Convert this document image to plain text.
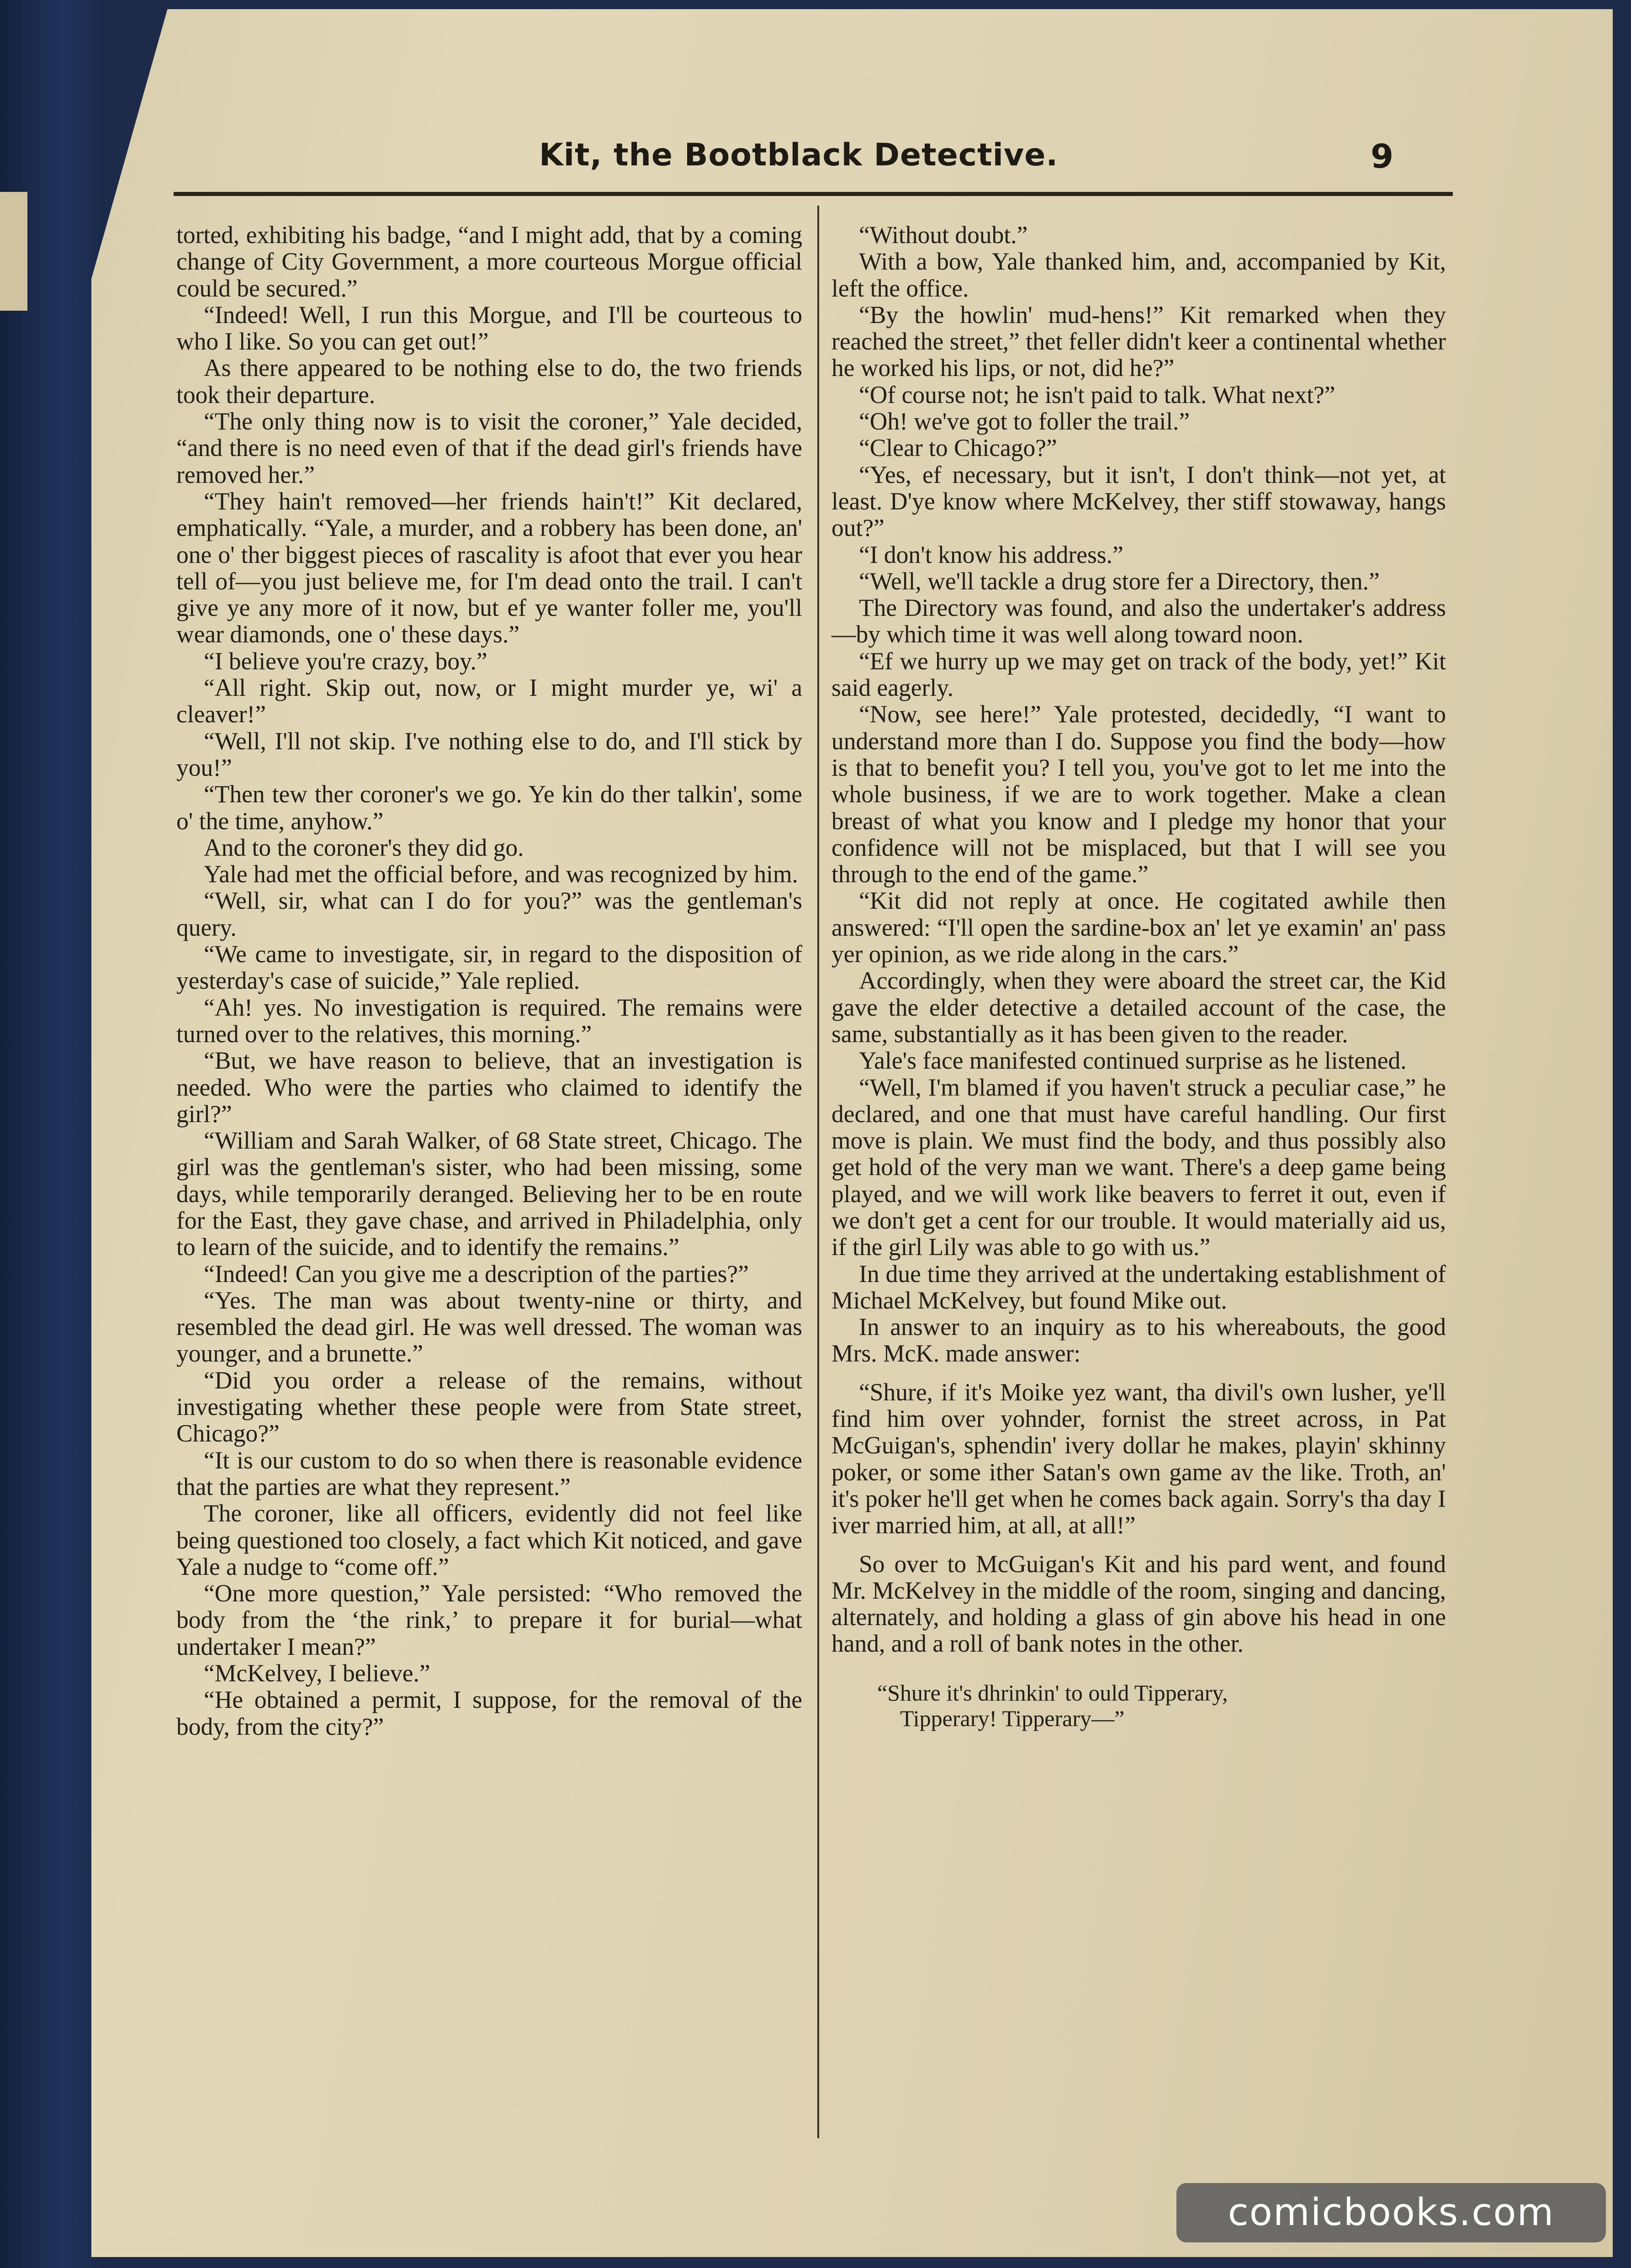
Kit, the Bootblack Detective.	9

torted, exhibiting his badge, “and I might add, that by a coming change of City Government, a more courteous Morgue official could be secured.”

“Indeed! Well, I run this Morgue, and I'll be courteous to who I like. So you can get out!”

As there appeared to be nothing else to do, the two friends took their departure.

“The only thing now is to visit the coroner,” Yale decided, “and there is no need even of that if the dead girl's friends have removed her.”

“They hain't removed—her friends hain't!” Kit declared, emphatically. “Yale, a murder, and a robbery has been done, an' one o' ther biggest pieces of rascality is afoot that ever you hear tell of—you just believe me, for I'm dead onto the trail. I can't give ye any more of it now, but ef ye wanter foller me, you'll wear diamonds, one o' these days.”

“I believe you're crazy, boy.”

“All right. Skip out, now, or I might murder ye, wi' a cleaver!”

“Well, I'll not skip. I've nothing else to do, and I'll stick by you!”

“Then tew ther coroner's we go. Ye kin do ther talkin', some o' the time, anyhow.”

And to the coroner's they did go.

Yale had met the official before, and was recognized by him.

“Well, sir, what can I do for you?” was the gentleman's query.

“We came to investigate, sir, in regard to the disposition of yesterday's case of suicide,” Yale replied.

“Ah! yes. No investigation is required. The remains were turned over to the relatives, this morning.”

“But, we have reason to believe, that an investigation is needed. Who were the parties who claimed to identify the girl?”

“William and Sarah Walker, of 68 State street, Chicago. The girl was the gentleman's sister, who had been missing, some days, while temporarily deranged. Believing her to be en route for the East, they gave chase, and arrived in Philadelphia, only to learn of the suicide, and to identify the remains.”

“Indeed! Can you give me a description of the parties?”

“Yes. The man was about twenty-nine or thirty, and resembled the dead girl. He was well dressed. The woman was younger, and a brunette.”

“Did you order a release of the remains, without investigating whether these people were from State street, Chicago?”

“It is our custom to do so when there is reasonable evidence that the parties are what they represent.”

The coroner, like all officers, evidently did not feel like being questioned too closely, a fact which Kit noticed, and gave Yale a nudge to “come off.”

“One more question,” Yale persisted: “Who removed the body from the ‘the rink,’ to prepare it for burial—what undertaker I mean?”

“McKelvey, I believe.”

“He obtained a permit, I suppose, for the removal of the body, from the city?”

“Without doubt.”

With a bow, Yale thanked him, and, accompanied by Kit, left the office.

“By the howlin' mud-hens!” Kit remarked when they reached the street,” thet feller didn't keer a continental whether he worked his lips, or not, did he?”

“Of course not; he isn't paid to talk. What next?”

“Oh! we've got to foller the trail.”

“Clear to Chicago?”

“Yes, ef necessary, but it isn't, I don't think—not yet, at least. D'ye know where McKelvey, ther stiff stowaway, hangs out?”

“I don't know his address.”

“Well, we'll tackle a drug store fer a Directory, then.”

The Directory was found, and also the undertaker's address—by which time it was well along toward noon.

“Ef we hurry up we may get on track of the body, yet!” Kit said eagerly.

“Now, see here!” Yale protested, decidedly, “I want to understand more than I do. Suppose you find the body—how is that to benefit you? I tell you, you've got to let me into the whole business, if we are to work together. Make a clean breast of what you know and I pledge my honor that your confidence will not be misplaced, but that I will see you through to the end of the game.”

“Kit did not reply at once. He cogitated awhile then answered: “I'll open the sardine-box an' let ye examin' an' pass yer opinion, as we ride along in the cars.”

Accordingly, when they were aboard the street car, the Kid gave the elder detective a detailed account of the case, the same, substantially as it has been given to the reader.

Yale's face manifested continued surprise as he listened.

“Well, I'm blamed if you haven't struck a peculiar case,” he declared, and one that must have careful handling. Our first move is plain. We must find the body, and thus possibly also get hold of the very man we want. There's a deep game being played, and we will work like beavers to ferret it out, even if we don't get a cent for our trouble. It would materially aid us, if the girl Lily was able to go with us.”

In due time they arrived at the undertaking establishment of Michael McKelvey, but found Mike out.

In answer to an inquiry as to his whereabouts, the good Mrs. McK. made answer:

“Shure, if it's Moike yez want, tha divil's own lusher, ye'll find him over yohnder, fornist the street across, in Pat McGuigan's, sphendin' ivery dollar he makes, playin' skhinny poker, or some ither Satan's own game av the like. Troth, an' it's poker he'll get when he comes back again. Sorry's tha day I iver married him, at all, at all!”

So over to McGuigan's Kit and his pard went, and found Mr. McKelvey in the middle of the room, singing and dancing, alternately, and holding a glass of gin above his head in one hand, and a roll of bank notes in the other.

“Shure it's dhrinkin' to ould Tipperary,
Tipperary! Tipperary—”
comicbooks.com
